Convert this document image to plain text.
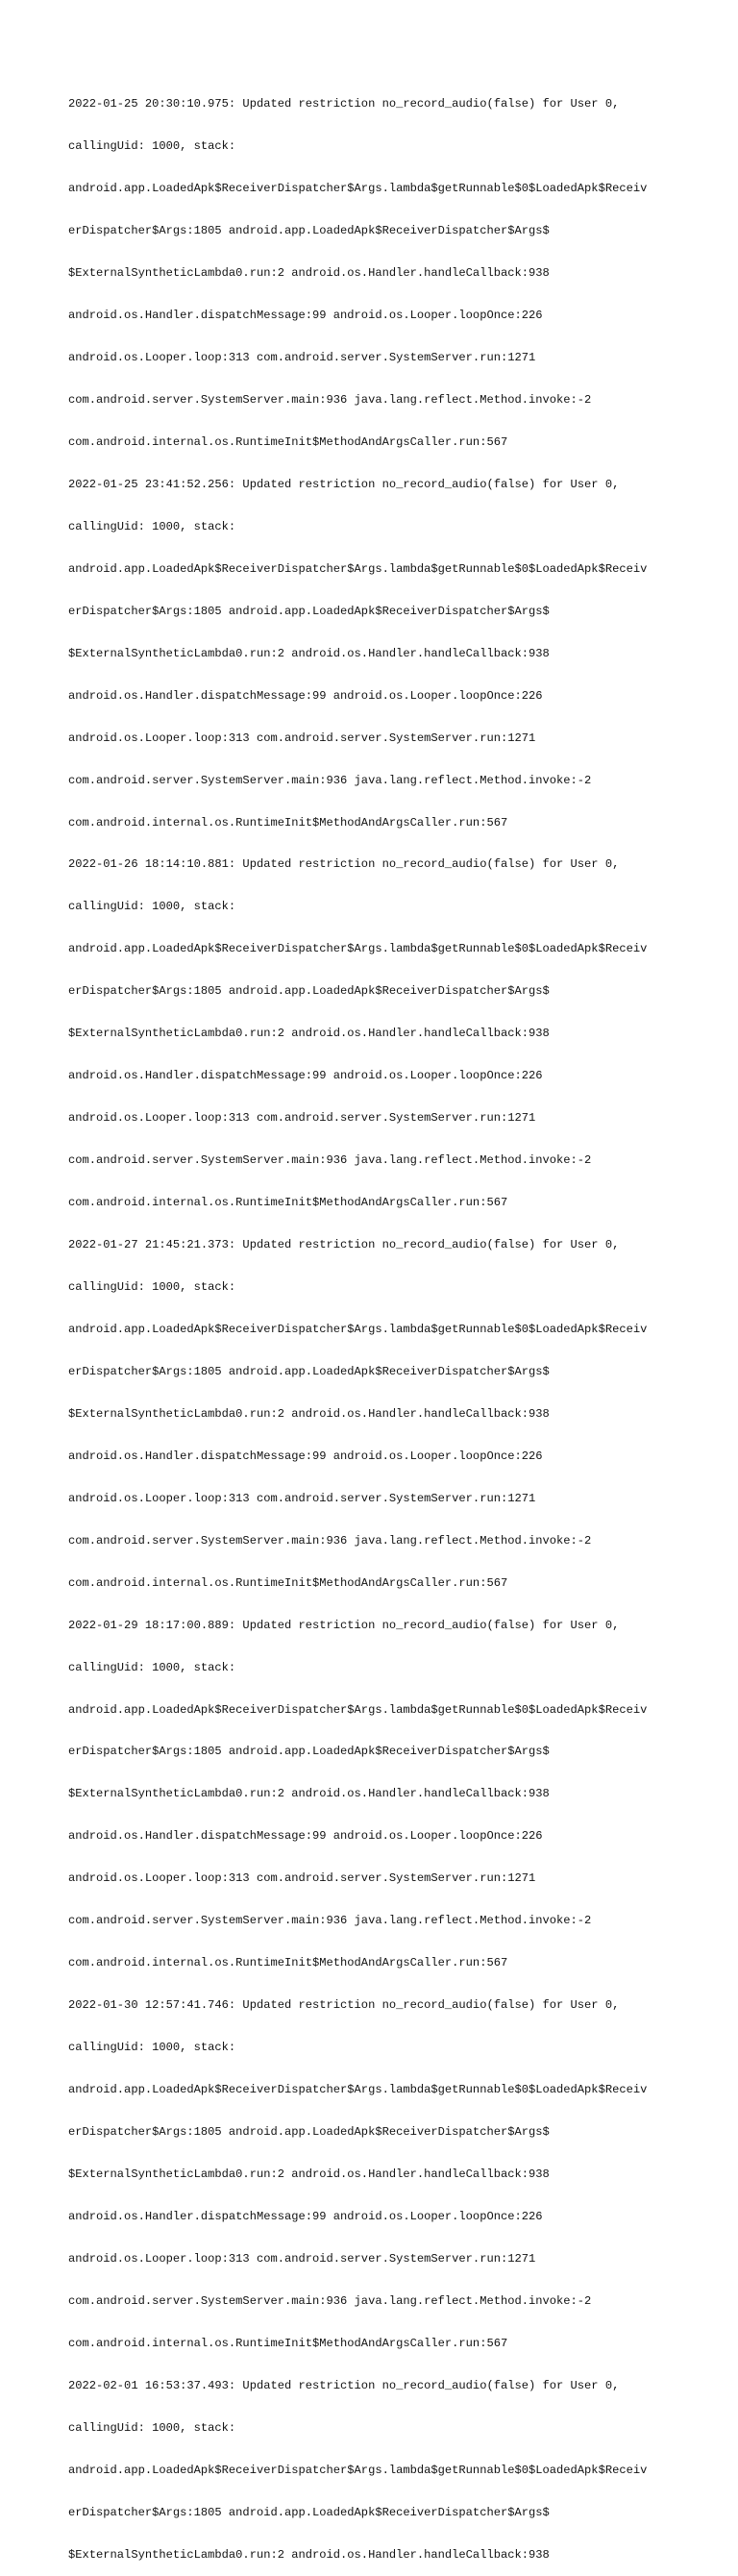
2022-01-25 20:30:10.975: Updated restriction no_record_audio(false) for User 0,

callingUid: 1000, stack:

android.app.LoadedApk$ReceiverDispatcher$Args.lambda$getRunnable$0$LoadedApk$Receiv

erDispatcher$Args:1805 android.app.LoadedApk$ReceiverDispatcher$Args$

$ExternalSyntheticLambda0.run:2 android.os.Handler.handleCallback:938

android.os.Handler.dispatchMessage:99 android.os.Looper.loopOnce:226

android.os.Looper.loop:313 com.android.server.SystemServer.run:1271

com.android.server.SystemServer.main:936 java.lang.reflect.Method.invoke:-2

com.android.internal.os.RuntimeInit$MethodAndArgsCaller.run:567

2022-01-25 23:41:52.256: Updated restriction no_record_audio(false) for User 0,

callingUid: 1000, stack:

android.app.LoadedApk$ReceiverDispatcher$Args.lambda$getRunnable$0$LoadedApk$Receiv

erDispatcher$Args:1805 android.app.LoadedApk$ReceiverDispatcher$Args$

$ExternalSyntheticLambda0.run:2 android.os.Handler.handleCallback:938

android.os.Handler.dispatchMessage:99 android.os.Looper.loopOnce:226

android.os.Looper.loop:313 com.android.server.SystemServer.run:1271

com.android.server.SystemServer.main:936 java.lang.reflect.Method.invoke:-2

com.android.internal.os.RuntimeInit$MethodAndArgsCaller.run:567

2022-01-26 18:14:10.881: Updated restriction no_record_audio(false) for User 0,

callingUid: 1000, stack:

android.app.LoadedApk$ReceiverDispatcher$Args.lambda$getRunnable$0$LoadedApk$Receiv

erDispatcher$Args:1805 android.app.LoadedApk$ReceiverDispatcher$Args$

$ExternalSyntheticLambda0.run:2 android.os.Handler.handleCallback:938

android.os.Handler.dispatchMessage:99 android.os.Looper.loopOnce:226

android.os.Looper.loop:313 com.android.server.SystemServer.run:1271

com.android.server.SystemServer.main:936 java.lang.reflect.Method.invoke:-2

com.android.internal.os.RuntimeInit$MethodAndArgsCaller.run:567

2022-01-27 21:45:21.373: Updated restriction no_record_audio(false) for User 0,

callingUid: 1000, stack:

android.app.LoadedApk$ReceiverDispatcher$Args.lambda$getRunnable$0$LoadedApk$Receiv

erDispatcher$Args:1805 android.app.LoadedApk$ReceiverDispatcher$Args$

$ExternalSyntheticLambda0.run:2 android.os.Handler.handleCallback:938

android.os.Handler.dispatchMessage:99 android.os.Looper.loopOnce:226

android.os.Looper.loop:313 com.android.server.SystemServer.run:1271

com.android.server.SystemServer.main:936 java.lang.reflect.Method.invoke:-2

com.android.internal.os.RuntimeInit$MethodAndArgsCaller.run:567

2022-01-29 18:17:00.889: Updated restriction no_record_audio(false) for User 0,

callingUid: 1000, stack:

android.app.LoadedApk$ReceiverDispatcher$Args.lambda$getRunnable$0$LoadedApk$Receiv

erDispatcher$Args:1805 android.app.LoadedApk$ReceiverDispatcher$Args$

$ExternalSyntheticLambda0.run:2 android.os.Handler.handleCallback:938

android.os.Handler.dispatchMessage:99 android.os.Looper.loopOnce:226

android.os.Looper.loop:313 com.android.server.SystemServer.run:1271

com.android.server.SystemServer.main:936 java.lang.reflect.Method.invoke:-2

com.android.internal.os.RuntimeInit$MethodAndArgsCaller.run:567

2022-01-30 12:57:41.746: Updated restriction no_record_audio(false) for User 0,

callingUid: 1000, stack:

android.app.LoadedApk$ReceiverDispatcher$Args.lambda$getRunnable$0$LoadedApk$Receiv

erDispatcher$Args:1805 android.app.LoadedApk$ReceiverDispatcher$Args$

$ExternalSyntheticLambda0.run:2 android.os.Handler.handleCallback:938

android.os.Handler.dispatchMessage:99 android.os.Looper.loopOnce:226

android.os.Looper.loop:313 com.android.server.SystemServer.run:1271

com.android.server.SystemServer.main:936 java.lang.reflect.Method.invoke:-2

com.android.internal.os.RuntimeInit$MethodAndArgsCaller.run:567

2022-02-01 16:53:37.493: Updated restriction no_record_audio(false) for User 0,

callingUid: 1000, stack:

android.app.LoadedApk$ReceiverDispatcher$Args.lambda$getRunnable$0$LoadedApk$Receiv

erDispatcher$Args:1805 android.app.LoadedApk$ReceiverDispatcher$Args$

$ExternalSyntheticLambda0.run:2 android.os.Handler.handleCallback:938
